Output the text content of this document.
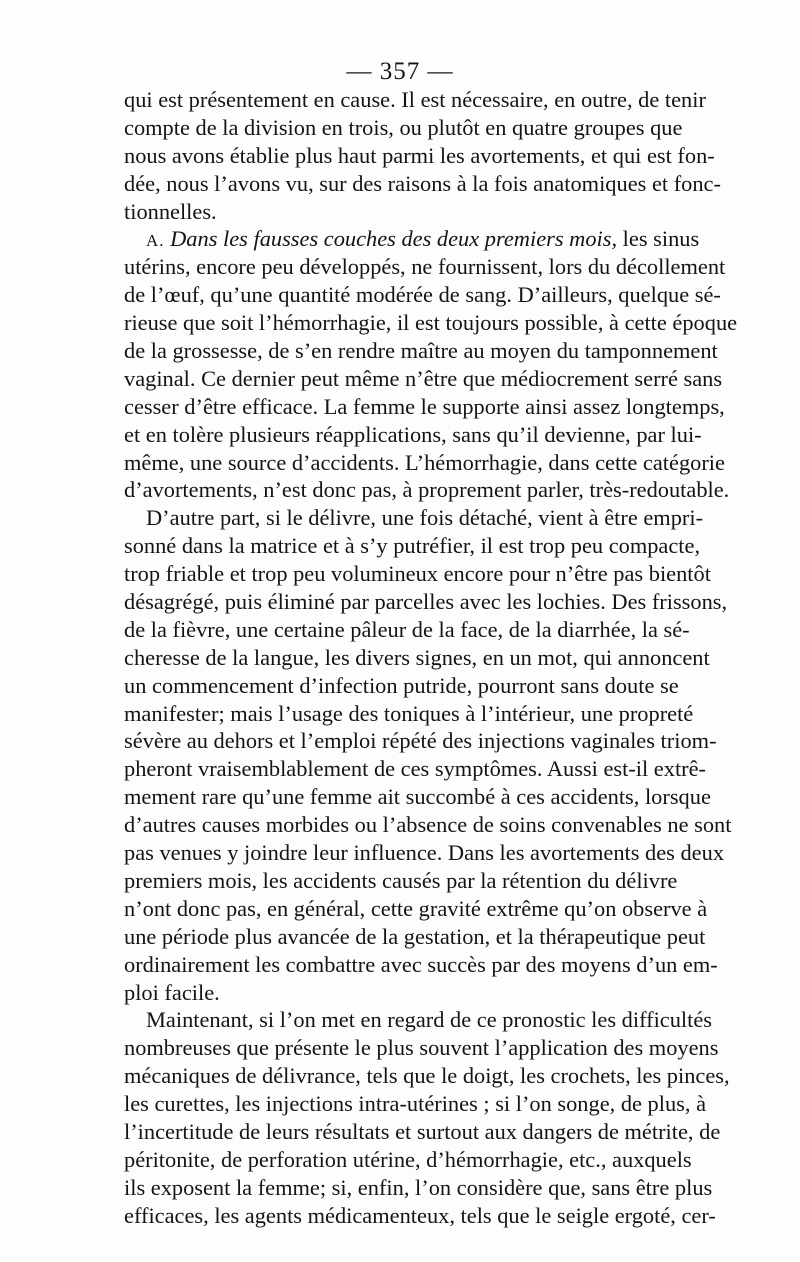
— 357 —
qui est présentement en cause. Il est nécessaire, en outre, de tenir
compte de la division en trois, ou plutôt en quatre groupes que
nous avons établie plus haut parmi les avortements, et qui est fon-
dée, nous l’avons vu, sur des raisons à la fois anatomiques et fonc-
tionnelles.
A. Dans les fausses couches des deux premiers mois, les sinus
utérins, encore peu développés, ne fournissent, lors du décollement
de l’œuf, qu’une quantité modérée de sang. D’ailleurs, quelque sé-
rieuse que soit l’hémorrhagie, il est toujours possible, à cette époque
de la grossesse, de s’en rendre maître au moyen du tamponnement
vaginal. Ce dernier peut même n’être que médiocrement serré sans
cesser d’être efficace. La femme le supporte ainsi assez longtemps,
et en tolère plusieurs réapplications, sans qu’il devienne, par lui-
même, une source d’accidents. L’hémorrhagie, dans cette catégorie
d’avortements, n’est donc pas, à proprement parler, très-redoutable.
D’autre part, si le délivre, une fois détaché, vient à être empri-
sonné dans la matrice et à s’y putréfier, il est trop peu compacte,
trop friable et trop peu volumineux encore pour n’être pas bientôt
désagrégé, puis éliminé par parcelles avec les lochies. Des frissons,
de la fièvre, une certaine pâleur de la face, de la diarrhée, la sé-
cheresse de la langue, les divers signes, en un mot, qui annoncent
un commencement d’infection putride, pourront sans doute se
manifester; mais l’usage des toniques à l’intérieur, une propreté
sévère au dehors et l’emploi répété des injections vaginales triom-
pheront vraisemblablement de ces symptômes. Aussi est-il extrê-
mement rare qu’une femme ait succombé à ces accidents, lorsque
d’autres causes morbides ou l’absence de soins convenables ne sont
pas venues y joindre leur influence. Dans les avortements des deux
premiers mois, les accidents causés par la rétention du délivre
n’ont donc pas, en général, cette gravité extrême qu’on observe à
une période plus avancée de la gestation, et la thérapeutique peut
ordinairement les combattre avec succès par des moyens d’un em-
ploi facile.
Maintenant, si l’on met en regard de ce pronostic les difficultés
nombreuses que présente le plus souvent l’application des moyens
mécaniques de délivrance, tels que le doigt, les crochets, les pinces,
les curettes, les injections intra-utérines ; si l’on songe, de plus, à
l’incertitude de leurs résultats et surtout aux dangers de métrite, de
péritonite, de perforation utérine, d’hémorrhagie, etc., auxquels
ils exposent la femme; si, enfin, l’on considère que, sans être plus
efficaces, les agents médicamenteux, tels que le seigle ergoté, cer-
